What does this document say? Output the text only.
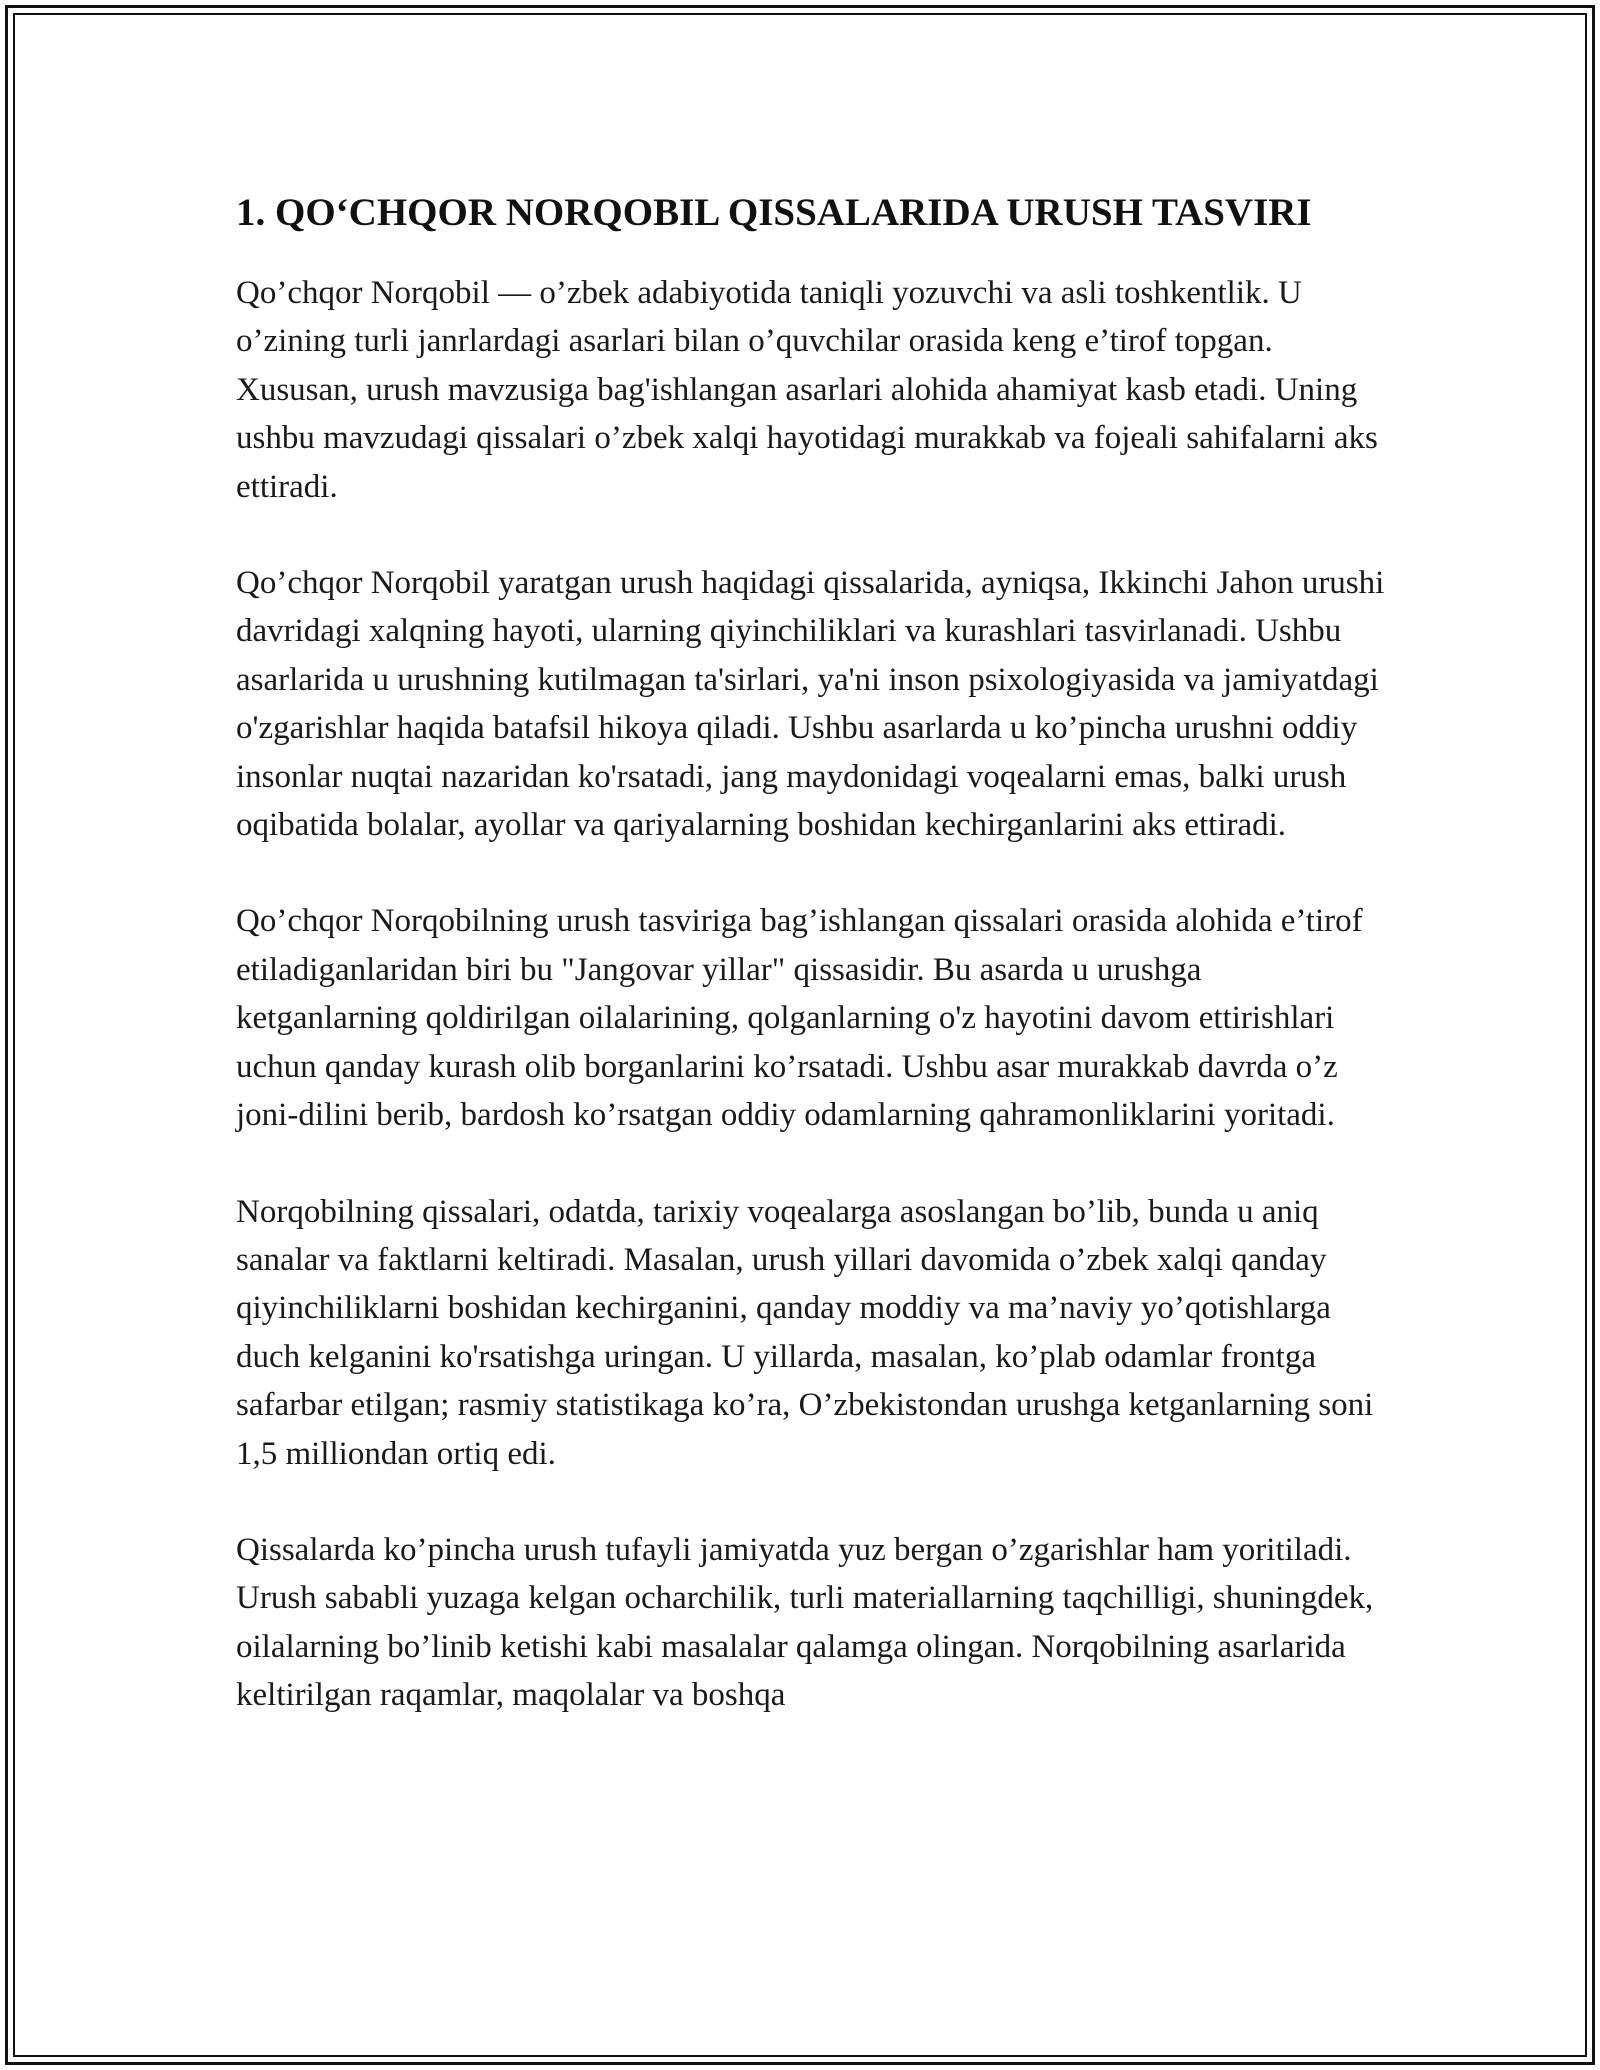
1. QO‘CHQOR NORQOBIL QISSALARIDA URUSH TASVIRI

Qo’chqor Norqobil — o’zbek adabiyotida taniqli yozuvchi va asli toshkentlik. U o’zining turli janrlardagi asarlari bilan o’quvchilar orasida keng e’tirof topgan. Xususan, urush mavzusiga bag'ishlangan asarlari alohida ahamiyat kasb etadi. Uning ushbu mavzudagi qissalari o’zbek xalqi hayotidagi murakkab va fojeali sahifalarni aks ettiradi.

Qo’chqor Norqobil yaratgan urush haqidagi qissalarida, ayniqsa, Ikkinchi Jahon urushi davridagi xalqning hayoti, ularning qiyinchiliklari va kurashlari tasvirlanadi. Ushbu asarlarida u urushning kutilmagan ta'sirlari, ya'ni inson psixologiyasida va jamiyatdagi o'zgarishlar haqida batafsil hikoya qiladi. Ushbu asarlarda u ko’pincha urushni oddiy insonlar nuqtai nazaridan ko'rsatadi, jang maydonidagi voqealarni emas, balki urush oqibatida bolalar, ayollar va qariyalarning boshidan kechirganlarini aks ettiradi.

Qo’chqor Norqobilning urush tasviriga bag’ishlangan qissalari orasida alohida e’tirof etiladiganlaridan biri bu "Jangovar yillar" qissasidir. Bu asarda u urushga ketganlarning qoldirilgan oilalarining, qolganlarning o'z hayotini davom ettirishlari uchun qanday kurash olib borganlarini ko’rsatadi. Ushbu asar murakkab davrda o’z joni-dilini berib, bardosh ko’rsatgan oddiy odamlarning qahramonliklarini yoritadi.

Norqobilning qissalari, odatda, tarixiy voqealarga asoslangan bo’lib, bunda u aniq sanalar va faktlarni keltiradi. Masalan, urush yillari davomida o’zbek xalqi qanday qiyinchiliklarni boshidan kechirganini, qanday moddiy va ma’naviy yo’qotishlarga duch kelganini ko'rsatishga uringan. U yillarda, masalan, ko’plab odamlar frontga safarbar etilgan; rasmiy statistikaga ko’ra, O’zbekistondan urushga ketganlarning soni 1,5 milliondan ortiq edi.

Qissalarda ko’pincha urush tufayli jamiyatda yuz bergan o’zgarishlar ham yoritiladi. Urush sababli yuzaga kelgan ocharchilik, turli materiallarning taqchilligi, shuningdek, oilalarning bo’linib ketishi kabi masalalar qalamga olingan. Norqobilning asarlarida keltirilgan raqamlar, maqolalar va boshqa
